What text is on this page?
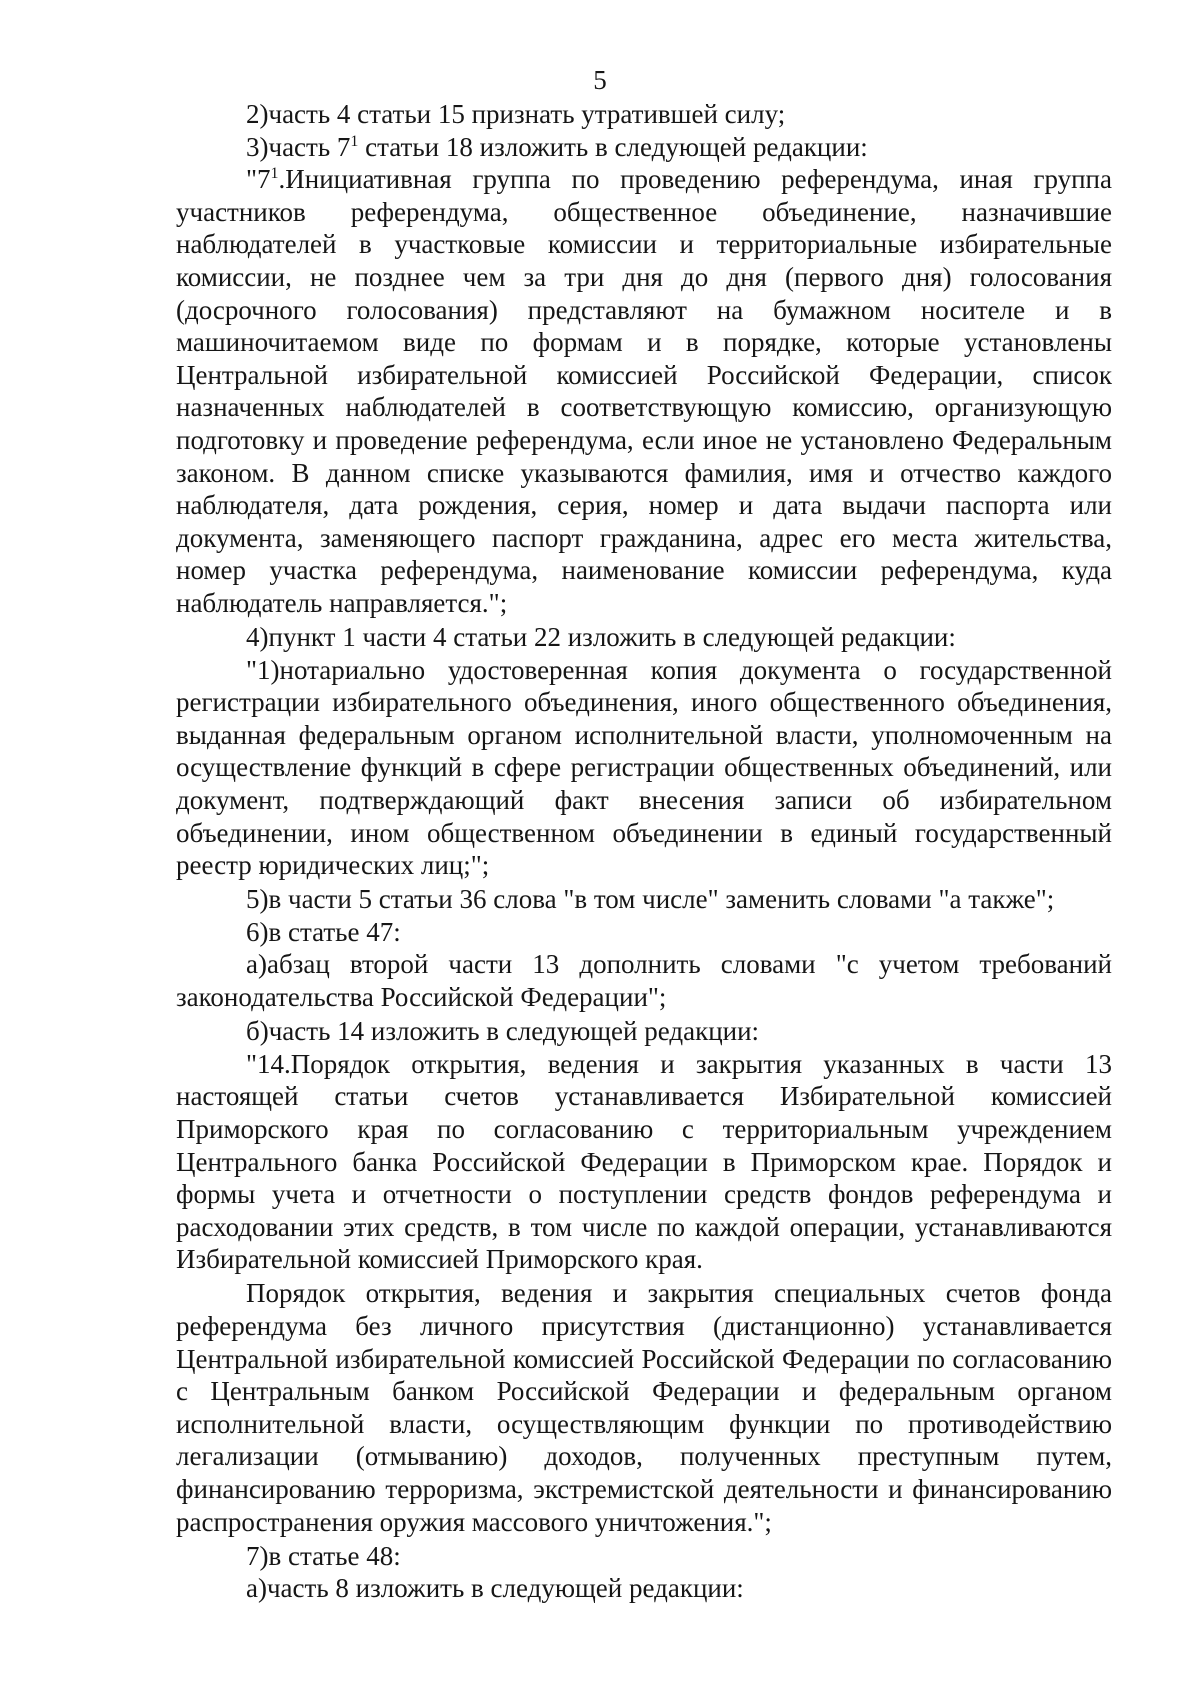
5

2)часть 4 статьи 15 признать утратившей силу;

3)часть $7^1$ статьи 18 изложить в следующей редакции:

"$7^1.Инициативная$ группа по проведению референдума, иная группа участников референдума, общественное объединение, назначившие наблюдателей в участковые комиссии и территориальные избирательные комиссии, не позднее чем за три дня до дня (первого дня) голосования (досрочного голосования) представляют на бумажном носителе и в машиночитаемом виде по формам и в порядке, которые установлены Центральной избирательной комиссией Российской Федерации, список назначенных наблюдателей в соответствующую комиссию, организующую подготовку и проведение референдума, если иное не установлено Федеральным законом. В данном списке указываются фамилия, имя и отчество каждого наблюдателя, дата рождения, серия, номер и дата выдачи паспорта или документа, заменяющего паспорт гражданина, адрес его места жительства, номер участка референдума, наименование комиссии референдума, куда наблюдатель направляется.";

4)пункт 1 части 4 статьи 22 изложить в следующей редакции:

"1)нотариально удостоверенная копия документа о государственной регистрации избирательного объединения, иного общественного объединения, выданная федеральным органом исполнительной власти, уполномоченным на осуществление функций в сфере регистрации общественных объединений, или документ, подтверждающий факт внесения записи об избирательном объединении, ином общественном объединении в единый государственный реестр юридических лиц;";

5)в части 5 статьи 36 слова "в том числе" заменить словами "а также";

6)в статье 47:

а)абзац второй части 13 дополнить словами "с учетом требований законодательства Российской Федерации";

б)часть 14 изложить в следующей редакции:

"14.Порядок открытия, ведения и закрытия указанных в части 13 настоящей статьи счетов устанавливается Избирательной комиссией Приморского края по согласованию с территориальным учреждением Центрального банка Российской Федерации в Приморском крае. Порядок и формы учета и отчетности о поступлении средств фондов референдума и расходовании этих средств, в том числе по каждой операции, устанавливаются Избирательной комиссией Приморского края.

Порядок открытия, ведения и закрытия специальных счетов фонда референдума без личного присутствия (дистанционно) устанавливается Центральной избирательной комиссией Российской Федерации по согласованию с Центральным банком Российской Федерации и федеральным органом исполнительной власти, осуществляющим функции по противодействию легализации (отмыванию) доходов, полученных преступным путем, финансированию терроризма, экстремистской деятельности и финансированию распространения оружия массового уничтожения.";

7)в статье 48:

а)часть 8 изложить в следующей редакции:
